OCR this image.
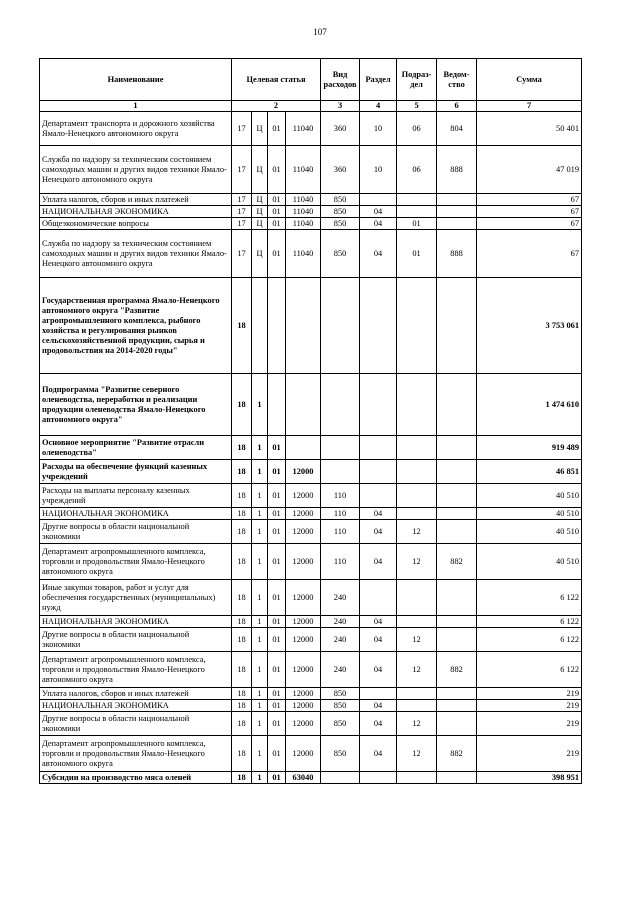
107
Наименование	Целевая статья				Вид расходов	Раздел	Подраз-дел	Ведом-ство	Сумма
1	2				3	4	5	6	7
Департамент транспорта и дорожного хозяйства Ямало-Ненецкого автономного округа	17	Ц	01	11040	360	10	06	804	50 401
Служба по надзору за техническим состоянием самоходных машин и других видов техники Ямало-Ненецкого автономного округа	17	Ц	01	11040	360	10	06	888	47 019
Уплата налогов, сборов и иных платежей	17	Ц	01	11040	850				67
НАЦИОНАЛЬНАЯ ЭКОНОМИКА	17	Ц	01	11040	850	04			67
Общеэкономические вопросы	17	Ц	01	11040	850	04	01		67
Служба по надзору за техническим состоянием самоходных машин и других видов техники Ямало-Ненецкого автономного округа	17	Ц	01	11040	850	04	01	888	67
Государственная программа Ямало-Ненецкого автономного округа "Развитие агропромышленного комплекса, рыбного хозяйства и регулирования рынков сельскохозяйственной продукции, сырья и продовольствия на 2014-2020 годы"	18								3 753 061
Подпрограмма "Развитие северного оленеводства, переработки и реализации продукции оленеводства Ямало-Ненецкого автономного округа"	18	1							1 474 610
Основное мероприятие "Развитие отрасли оленеводства"	18	1	01						919 489
Расходы на обеспечение функций казенных учреждений	18	1	01	12000					46 851
Расходы на выплаты персоналу казенных учреждений	18	1	01	12000	110				40 510
НАЦИОНАЛЬНАЯ ЭКОНОМИКА	18	1	01	12000	110	04			40 510
Другие вопросы в области национальной экономики	18	1	01	12000	110	04	12		40 510
Департамент агропромышленного комплекса, торговли и продовольствия Ямало-Ненецкого автономного округа	18	1	01	12000	110	04	12	882	40 510
Иные закупки товаров, работ и услуг для обеспечения государственных (муниципальных) нужд	18	1	01	12000	240				6 122
НАЦИОНАЛЬНАЯ ЭКОНОМИКА	18	1	01	12000	240	04			6 122
Другие вопросы в области национальной экономики	18	1	01	12000	240	04	12		6 122
Департамент агропромышленного комплекса, торговли и продовольствия Ямало-Ненецкого автономного округа	18	1	01	12000	240	04	12	882	6 122
Уплата налогов, сборов и иных платежей	18	1	01	12000	850				219
НАЦИОНАЛЬНАЯ ЭКОНОМИКА	18	1	01	12000	850	04			219
Другие вопросы в области национальной экономики	18	1	01	12000	850	04	12		219
Департамент агропромышленного комплекса, торговли и продовольствия Ямало-Ненецкого автономного округа	18	1	01	12000	850	04	12	882	219
Субсидии на производство мяса оленей	18	1	01	63040					398 951
